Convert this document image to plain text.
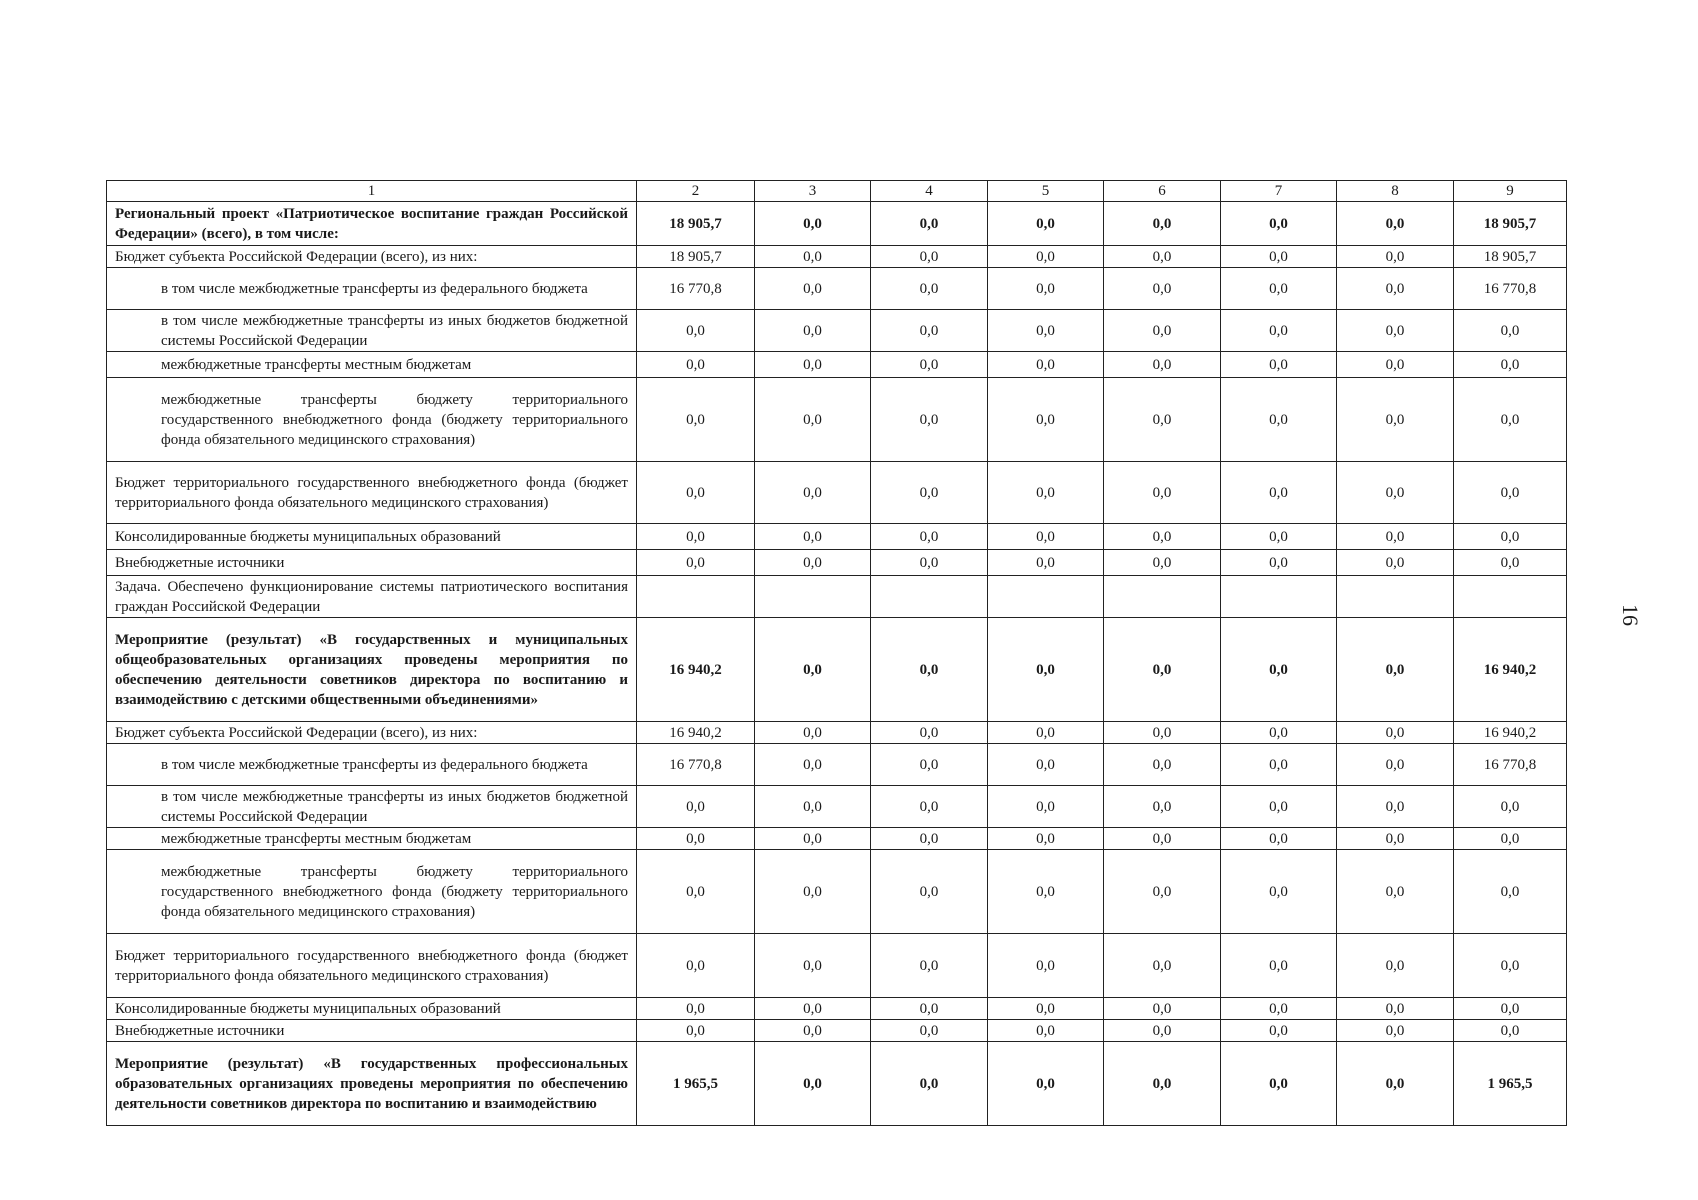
16
1	2	3	4	5	6	7	8	9
Региональный проект «Патриотическое воспитание граждан Российской Федерации» (всего), в том числе:	18 905,7	0,0	0,0	0,0	0,0	0,0	0,0	18 905,7
Бюджет субъекта Российской Федерации (всего), из них:	18 905,7	0,0	0,0	0,0	0,0	0,0	0,0	18 905,7
в том числе межбюджетные трансферты из федерального бюджета	16 770,8	0,0	0,0	0,0	0,0	0,0	0,0	16 770,8
в том числе межбюджетные трансферты из иных бюджетов бюджетной системы Российской Федерации	0,0	0,0	0,0	0,0	0,0	0,0	0,0	0,0
межбюджетные трансферты местным бюджетам	0,0	0,0	0,0	0,0	0,0	0,0	0,0	0,0
межбюджетные трансферты бюджету территориального государственного внебюджетного фонда (бюджету территориального фонда обязательного медицинского страхования)	0,0	0,0	0,0	0,0	0,0	0,0	0,0	0,0
Бюджет территориального государственного внебюджетного фонда (бюджет территориального фонда обязательного медицинского страхования)	0,0	0,0	0,0	0,0	0,0	0,0	0,0	0,0
Консолидированные бюджеты муниципальных образований	0,0	0,0	0,0	0,0	0,0	0,0	0,0	0,0
Внебюджетные источники	0,0	0,0	0,0	0,0	0,0	0,0	0,0	0,0
Задача. Обеспечено функционирование системы патриотического воспитания граждан Российской Федерации								
Мероприятие (результат) «В государственных и муниципальных общеобразовательных организациях проведены мероприятия по обеспечению деятельности советников директора по воспитанию и взаимодействию с детскими общественными объединениями»	16 940,2	0,0	0,0	0,0	0,0	0,0	0,0	16 940,2
Бюджет субъекта Российской Федерации (всего), из них:	16 940,2	0,0	0,0	0,0	0,0	0,0	0,0	16 940,2
в том числе межбюджетные трансферты из федерального бюджета	16 770,8	0,0	0,0	0,0	0,0	0,0	0,0	16 770,8
в том числе межбюджетные трансферты из иных бюджетов бюджетной системы Российской Федерации	0,0	0,0	0,0	0,0	0,0	0,0	0,0	0,0
межбюджетные трансферты местным бюджетам	0,0	0,0	0,0	0,0	0,0	0,0	0,0	0,0
межбюджетные трансферты бюджету территориального государственного внебюджетного фонда (бюджету территориального фонда обязательного медицинского страхования)	0,0	0,0	0,0	0,0	0,0	0,0	0,0	0,0
Бюджет территориального государственного внебюджетного фонда (бюджет территориального фонда обязательного медицинского страхования)	0,0	0,0	0,0	0,0	0,0	0,0	0,0	0,0
Консолидированные бюджеты муниципальных образований	0,0	0,0	0,0	0,0	0,0	0,0	0,0	0,0
Внебюджетные источники	0,0	0,0	0,0	0,0	0,0	0,0	0,0	0,0
Мероприятие (результат) «В государственных профессиональных образовательных организациях проведены мероприятия по обеспечению деятельности советников директора по воспитанию и взаимодействию	1 965,5	0,0	0,0	0,0	0,0	0,0	0,0	1 965,5
